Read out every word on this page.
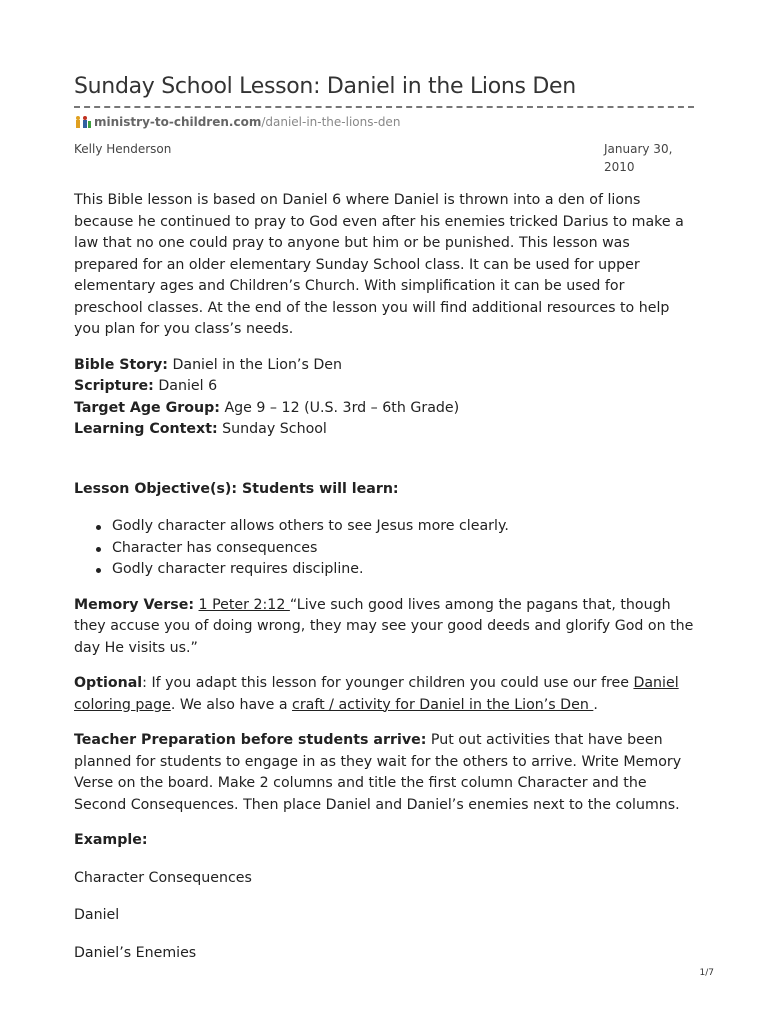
Sunday School Lesson: Daniel in the Lions Den
ministry-to-children.com /daniel-in-the-lions-den
Kelly Henderson	January 30, 2010

This Bible lesson is based on Daniel 6 where Daniel is thrown into a den of lions because he continued to pray to God even after his enemies tricked Darius to make a law that no one could pray to anyone but him or be punished. This lesson was prepared for an older elementary Sunday School class. It can be used for upper elementary ages and Children’s Church. With simplification it can be used for preschool classes. At the end of the lesson you will find additional resources to help you plan for you class’s needs.

Bible Story: Daniel in the Lion’s Den
Scripture: Daniel 6
Target Age Group: Age 9 – 12 (U.S. 3rd – 6th Grade)
Learning Context: Sunday School

Lesson Objective(s): Students will learn:

Godly character allows others to see Jesus more clearly.
Character has consequences
Godly character requires discipline.

Memory Verse: 1 Peter 2:12 “Live such good lives among the pagans that, though they accuse you of doing wrong, they may see your good deeds and glorify God on the day He visits us.”

Optional: If you adapt this lesson for younger children you could use our free Daniel coloring page. We also have a craft / activity for Daniel in the Lion’s Den .

Teacher Preparation before students arrive: Put out activities that have been planned for students to engage in as they wait for the others to arrive. Write Memory Verse on the board. Make 2 columns and title the first column Character and the Second Consequences. Then place Daniel and Daniel’s enemies next to the columns.

Example:

Character Consequences

Daniel

Daniel’s Enemies

1/7
